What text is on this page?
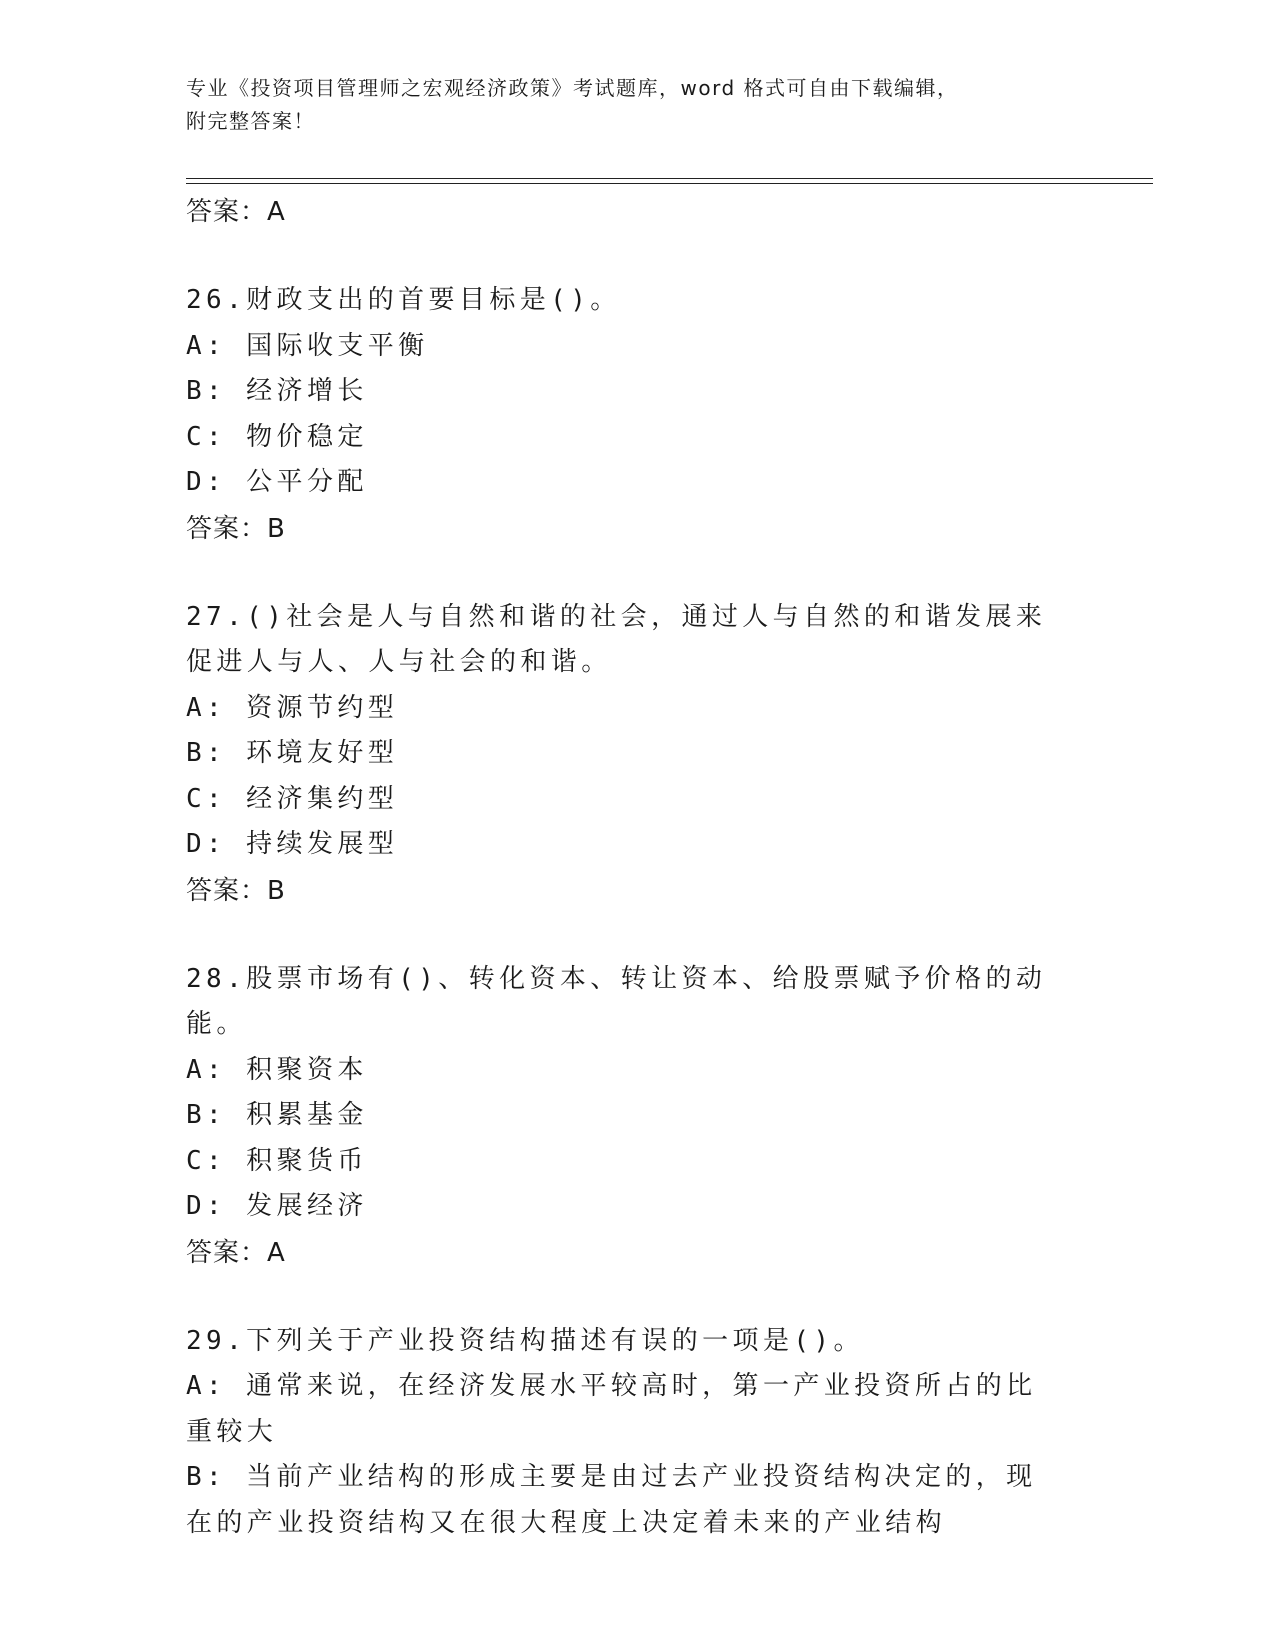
专业《投资项目管理师之宏观经济政策》考试题库，word 格式可自由下载编辑，
附完整答案！
答案：A
26.财政支出的首要目标是()。
A: 国际收支平衡
B: 经济增长
C: 物价稳定
D: 公平分配
答案：B
27.()社会是人与自然和谐的社会，通过人与自然的和谐发展来促进人与人、人与社会的和谐。
A: 资源节约型
B: 环境友好型
C: 经济集约型
D: 持续发展型
答案：B
28.股票市场有()、转化资本、转让资本、给股票赋予价格的动能。
A: 积聚资本
B: 积累基金
C: 积聚货币
D: 发展经济
答案：A
29.下列关于产业投资结构描述有误的一项是()。
A: 通常来说，在经济发展水平较高时，第一产业投资所占的比重较大
B: 当前产业结构的形成主要是由过去产业投资结构决定的，现在的产业投资结构又在很大程度上决定着未来的产业结构
